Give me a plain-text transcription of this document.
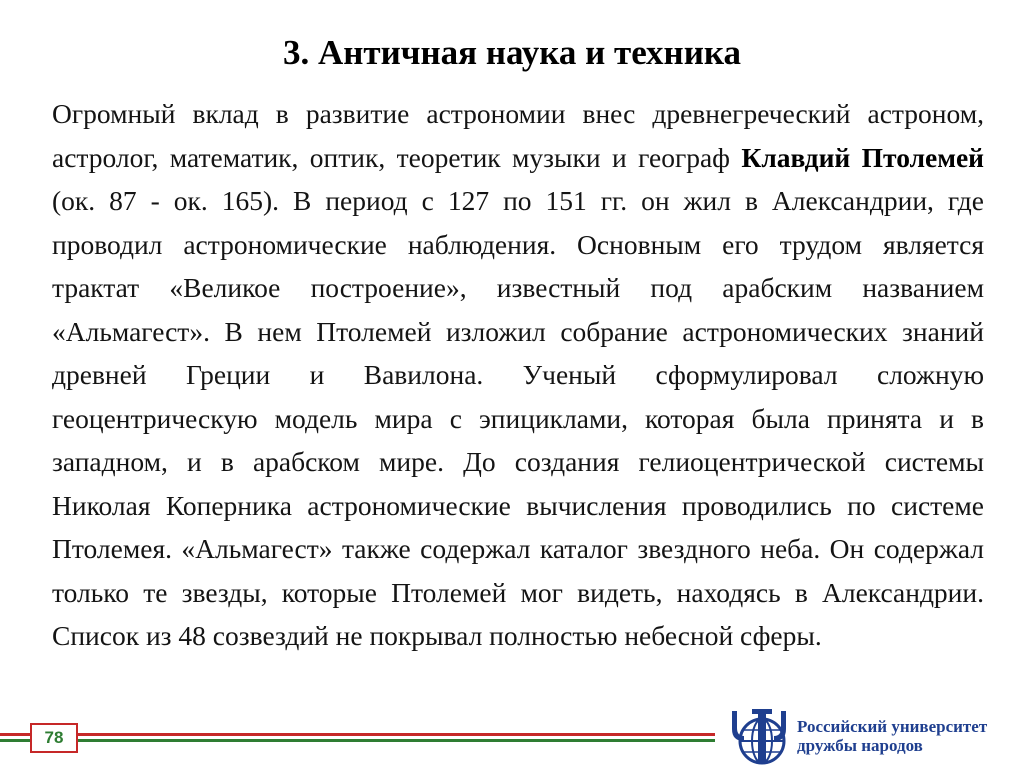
3. Античная наука и техника
Огромный вклад в развитие астрономии внес древнегреческий астроном, астролог, математик, оптик, теоретик музыки и географ Клавдий Птолемей (ок. 87 - ок. 165). В период с 127 по 151 гг. он жил в Александрии, где проводил астрономические наблюдения. Основным его трудом является трактат «Великое построение», известный под арабским названием «Альмагест». В нем Птолемей изложил собрание астрономических знаний древней Греции и Вавилона. Ученый сформулировал сложную геоцентрическую модель мира с эпициклами, которая была принята и в западном, и в арабском мире. До создания гелиоцентрической системы Николая Коперника астрономические вычисления проводились по системе Птолемея. «Альмагест» также содержал каталог звездного неба. Он содержал только те звезды, которые Птолемей мог видеть, находясь в Александрии. Список из 48 созвездий не покрывал полностью небесной сферы.
78
Российский университет
дружбы народов
